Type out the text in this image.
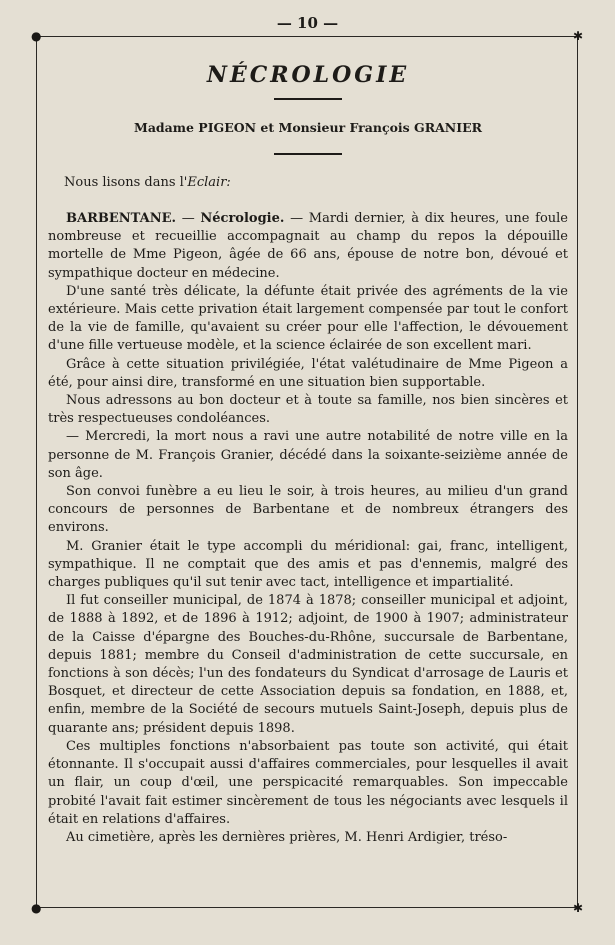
— 10 —
●	✱
●	✱
NÉCROLOGIE
Madame PIGEON et Monsieur François GRANIER

Nous lisons dans l'Eclair:

BARBENTANE. — Nécrologie. — Mardi dernier, à dix heures, une foule nombreuse et recueillie accompagnait au champ du repos la dépouille mortelle de Mme Pigeon, âgée de 66 ans, épouse de notre bon, dévoué et sympathique docteur en médecine.

D'une santé très délicate, la défunte était privée des agréments de la vie extérieure. Mais cette privation était largement compensée par tout le confort de la vie de famille, qu'avaient su créer pour elle l'affection, le dévouement d'une fille vertueuse modèle, et la science éclairée de son excellent mari.

Grâce à cette situation privilégiée, l'état valétudinaire de Mme Pigeon a été, pour ainsi dire, transformé en une situation bien supportable.

Nous adressons au bon docteur et à toute sa famille, nos bien sincères et très respectueuses condoléances.

— Mercredi, la mort nous a ravi une autre notabilité de notre ville en la personne de M. François Granier, décédé dans la soixante-seizième année de son âge.

Son convoi funèbre a eu lieu le soir, à trois heures, au milieu d'un grand concours de personnes de Barbentane et de nombreux étrangers des environs.

M. Granier était le type accompli du méridional: gai, franc, intelligent, sympathique. Il ne comptait que des amis et pas d'ennemis, malgré des charges publiques qu'il sut tenir avec tact, intelligence et impartialité.

Il fut conseiller municipal, de 1874 à 1878; conseiller municipal et adjoint, de 1888 à 1892, et de 1896 à 1912; adjoint, de 1900 à 1907; administrateur de la Caisse d'épargne des Bouches-du-Rhône, succursale de Barbentane, depuis 1881; membre du Conseil d'administration de cette succursale, en fonctions à son décès; l'un des fondateurs du Syndicat d'arrosage de Lauris et Bosquet, et directeur de cette Association depuis sa fondation, en 1888, et, enfin, membre de la Société de secours mutuels Saint-Joseph, depuis plus de quarante ans; président depuis 1898.

Ces multiples fonctions n'absorbaient pas toute son activité, qui était étonnante. Il s'occupait aussi d'affaires commerciales, pour lesquelles il avait un flair, un coup d'œil, une perspicacité remarquables. Son impeccable probité l'avait fait estimer sincèrement de tous les négociants avec lesquels il était en relations d'affaires.

Au cimetière, après les dernières prières, M. Henri Ardigier, tréso-
